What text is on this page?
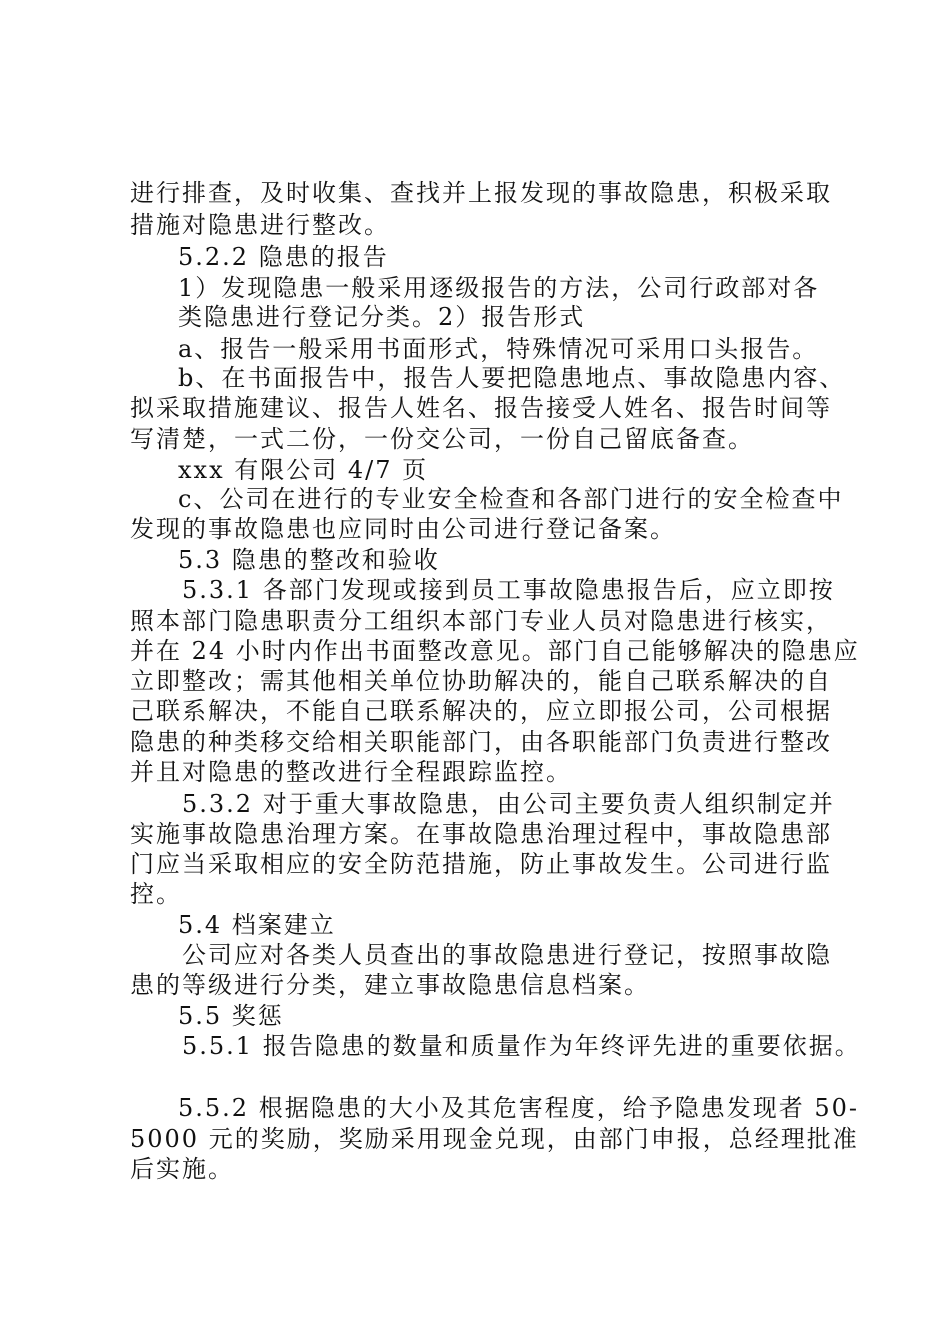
进行排查，及时收集、查找并上报发现的事故隐患，积极采取

措施对隐患进行整改。

5.2.2 隐患的报告

1）发现隐患一般采用逐级报告的方法，公司行政部对各

类隐患进行登记分类。2）报告形式

a、报告一般采用书面形式，特殊情况可采用口头报告。

b、在书面报告中，报告人要把隐患地点、事故隐患内容、

拟采取措施建议、报告人姓名、报告接受人姓名、报告时间等

写清楚，一式二份，一份交公司，一份自己留底备查。

xxx 有限公司 4/7 页

c、公司在进行的专业安全检查和各部门进行的安全检查中

发现的事故隐患也应同时由公司进行登记备案。

5.3 隐患的整改和验收

5.3.1 各部门发现或接到员工事故隐患报告后，应立即按

照本部门隐患职责分工组织本部门专业人员对隐患进行核实，

并在 24 小时内作出书面整改意见。部门自己能够解决的隐患应

立即整改；需其他相关单位协助解决的，能自己联系解决的自

己联系解决，不能自己联系解决的，应立即报公司，公司根据

隐患的种类移交给相关职能部门，由各职能部门负责进行整改

并且对隐患的整改进行全程跟踪监控。

5.3.2 对于重大事故隐患，由公司主要负责人组织制定并

实施事故隐患治理方案。在事故隐患治理过程中，事故隐患部

门应当采取相应的安全防范措施，防止事故发生。公司进行监

控。

5.4 档案建立

公司应对各类人员查出的事故隐患进行登记，按照事故隐

患的等级进行分类，建立事故隐患信息档案。

5.5 奖惩

5.5.1 报告隐患的数量和质量作为年终评先进的重要依据。

5.5.2 根据隐患的大小及其危害程度，给予隐患发现者 50-

5000 元的奖励，奖励采用现金兑现，由部门申报，总经理批准

后实施。
